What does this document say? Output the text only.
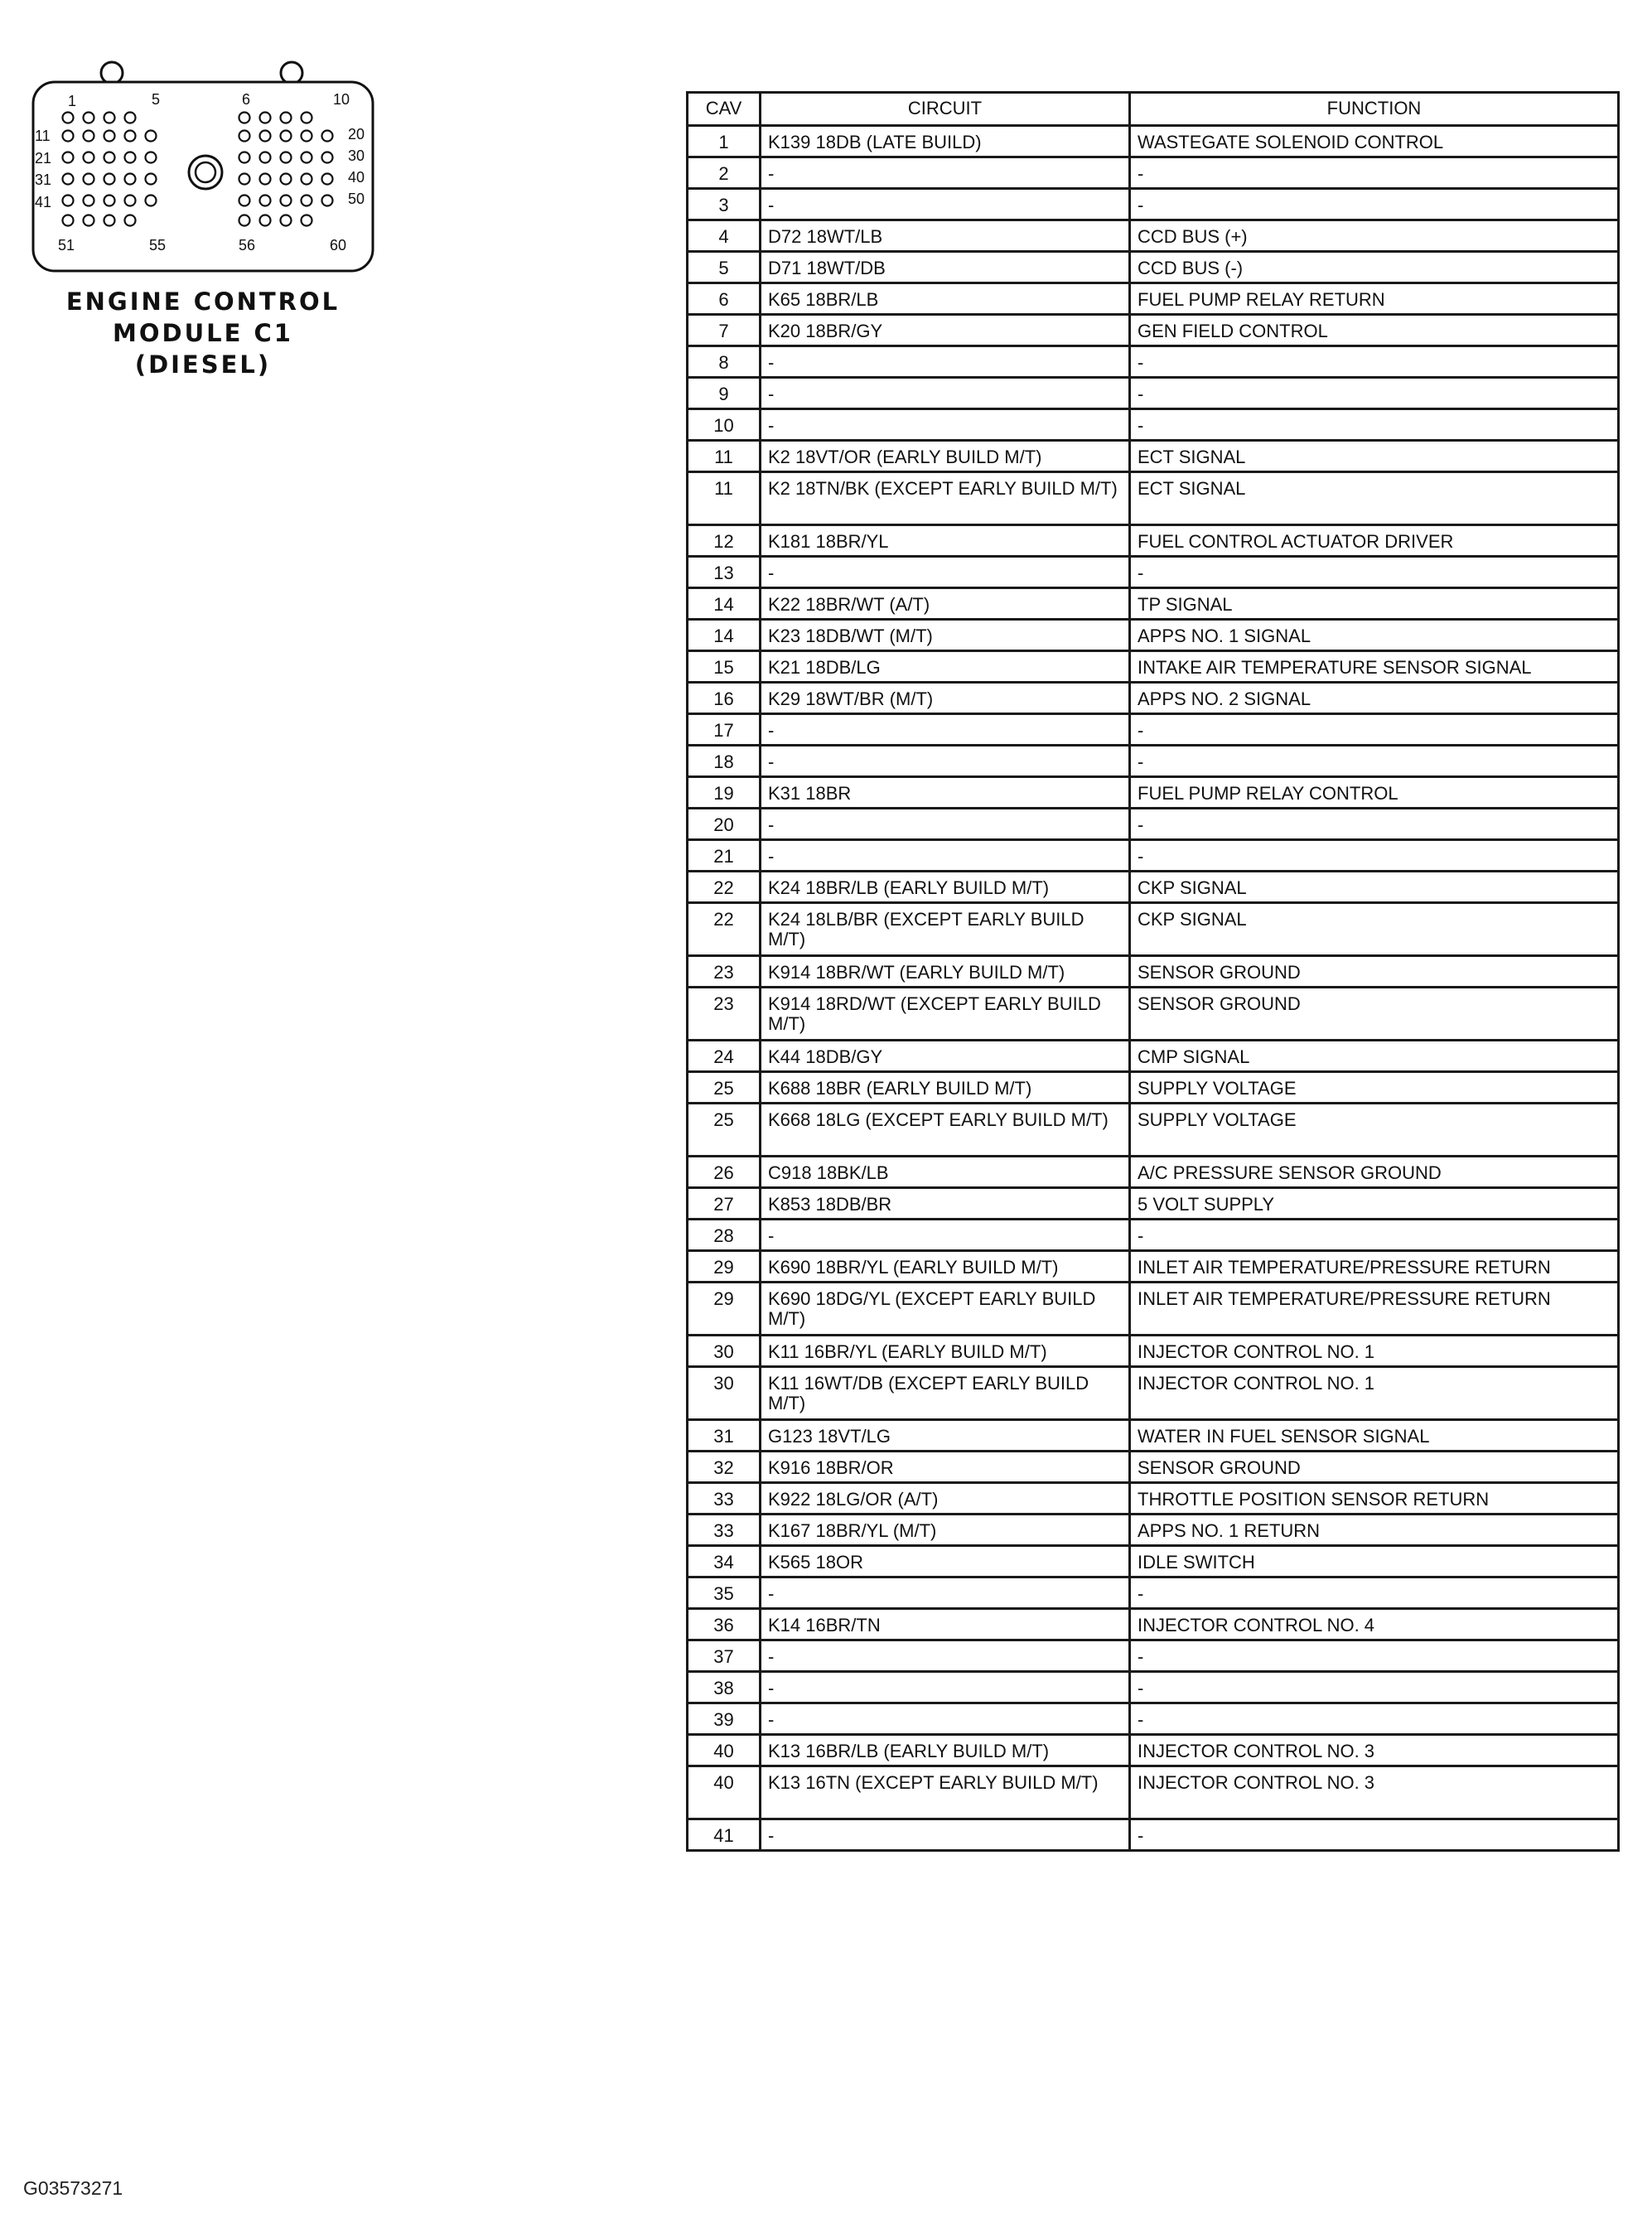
1	5	6	10
11
21
31
41
20
30
40
50
51	55	56	60
ENGINE CONTROL
MODULE C1
(DIESEL)
CAV	CIRCUIT	FUNCTION
1	K139 18DB (LATE BUILD)	WASTEGATE SOLENOID CONTROL
2	-	-
3	-	-
4	D72 18WT/LB	CCD BUS (+)
5	D71 18WT/DB	CCD BUS (-)
6	K65 18BR/LB	FUEL PUMP RELAY RETURN
7	K20 18BR/GY	GEN FIELD CONTROL
8	-	-
9	-	-
10	-	-
11	K2 18VT/OR (EARLY BUILD M/T)	ECT SIGNAL
11	K2 18TN/BK (EXCEPT EARLY BUILD M/T)	ECT SIGNAL
12	K181 18BR/YL	FUEL CONTROL ACTUATOR DRIVER
13	-	-
14	K22 18BR/WT (A/T)	TP SIGNAL
14	K23 18DB/WT (M/T)	APPS NO. 1 SIGNAL
15	K21 18DB/LG	INTAKE AIR TEMPERATURE SENSOR SIGNAL
16	K29 18WT/BR (M/T)	APPS NO. 2 SIGNAL
17	-	-
18	-	-
19	K31 18BR	FUEL PUMP RELAY CONTROL
20	-	-
21	-	-
22	K24 18BR/LB (EARLY BUILD M/T)	CKP SIGNAL
22	K24 18LB/BR (EXCEPT EARLY BUILD M/T)	CKP SIGNAL
23	K914 18BR/WT (EARLY BUILD M/T)	SENSOR GROUND
23	K914 18RD/WT (EXCEPT EARLY BUILD M/T)	SENSOR GROUND
24	K44 18DB/GY	CMP SIGNAL
25	K688 18BR (EARLY BUILD M/T)	SUPPLY VOLTAGE
25	K668 18LG (EXCEPT EARLY BUILD M/T)	SUPPLY VOLTAGE
26	C918 18BK/LB	A/C PRESSURE SENSOR GROUND
27	K853 18DB/BR	5 VOLT SUPPLY
28	-	-
29	K690 18BR/YL (EARLY BUILD M/T)	INLET AIR TEMPERATURE/PRESSURE RETURN
29	K690 18DG/YL (EXCEPT EARLY BUILD M/T)	INLET AIR TEMPERATURE/PRESSURE RETURN
30	K11 16BR/YL (EARLY BUILD M/T)	INJECTOR CONTROL NO. 1
30	K11 16WT/DB (EXCEPT EARLY BUILD M/T)	INJECTOR CONTROL NO. 1
31	G123 18VT/LG	WATER IN FUEL SENSOR SIGNAL
32	K916 18BR/OR	SENSOR GROUND
33	K922 18LG/OR (A/T)	THROTTLE POSITION SENSOR RETURN
33	K167 18BR/YL (M/T)	APPS NO. 1 RETURN
34	K565 18OR	IDLE SWITCH
35	-	-
36	K14 16BR/TN	INJECTOR CONTROL NO. 4
37	-	-
38	-	-
39	-	-
40	K13 16BR/LB (EARLY BUILD M/T)	INJECTOR CONTROL NO. 3
40	K13 16TN (EXCEPT EARLY BUILD M/T)	INJECTOR CONTROL NO. 3
41	-	-
G03573271
